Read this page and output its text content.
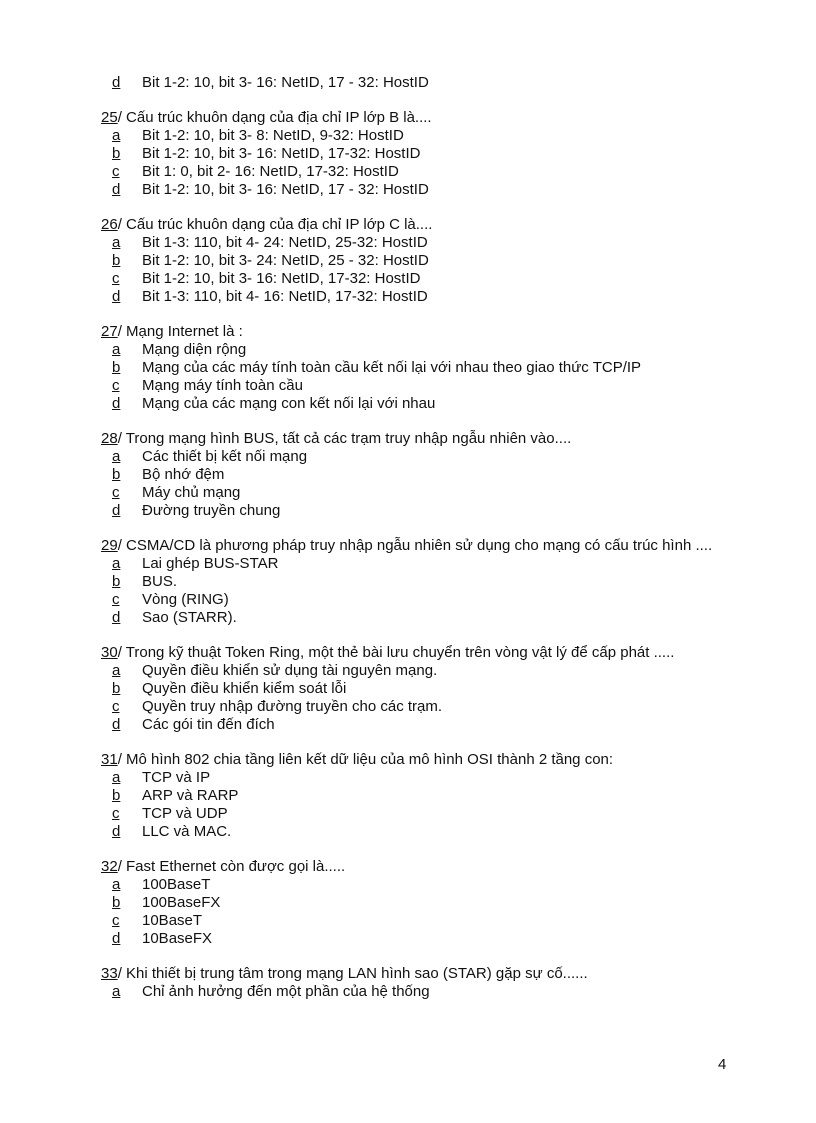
d	Bit 1-2: 10, bit 3- 16: NetID, 17 - 32: HostID
25/ Cấu trúc khuôn dạng của địa chỉ IP lớp B là....
a	Bit 1-2: 10, bit 3- 8: NetID, 9-32: HostID
b	Bit 1-2: 10, bit 3- 16: NetID, 17-32: HostID
c	Bit 1: 0, bit 2- 16: NetID, 17-32: HostID
d	Bit 1-2: 10, bit 3- 16: NetID, 17 - 32: HostID
26/ Cấu trúc khuôn dạng của địa chỉ IP lớp C là....
a	Bit 1-3: 110, bit 4- 24: NetID, 25-32: HostID
b	Bit 1-2: 10, bit 3- 24: NetID, 25 - 32: HostID
c	Bit 1-2: 10, bit 3- 16: NetID, 17-32: HostID
d	Bit 1-3: 110, bit 4- 16: NetID, 17-32: HostID
27/ Mạng Internet là :
a	Mạng diện rộng
b	Mạng của các máy tính toàn cầu kết nối lại với nhau theo giao thức TCP/IP
c	Mạng máy tính toàn cầu
d	Mạng của các mạng con kết nối lại với nhau
28/ Trong mạng hình BUS, tất cả các trạm truy nhập ngẫu nhiên vào....
a	Các thiết bị kết nối mạng
b	Bộ nhớ đệm
c	Máy chủ mạng
d	Đường truyền chung
29/ CSMA/CD là phương pháp truy nhập ngẫu nhiên sử dụng cho mạng có cấu trúc hình ....
a	Lai ghép BUS-STAR
b	BUS.
c	Vòng (RING)
d	Sao (STARR).
30/ Trong kỹ thuật Token Ring, một thẻ bài lưu chuyển trên vòng vật lý để cấp phát .....
a	Quyền điều khiển sử dụng tài nguyên mạng.
b	Quyền điều khiển kiểm soát lỗi
c	Quyền truy nhập đường truyền cho các trạm.
d	Các gói tin đến đích
31/ Mô hình 802 chia tầng liên kết dữ liệu của mô hình OSI thành 2 tầng con:
a	TCP và IP
b	ARP và RARP
c	TCP và UDP
d	LLC và MAC.
32/ Fast Ethernet còn được gọi là.....
a	100BaseT
b	100BaseFX
c	10BaseT
d	10BaseFX
33/ Khi thiết bị trung tâm trong mạng LAN hình sao (STAR) gặp sự cố......
a	Chỉ ảnh hưởng đến một phần của hệ thống
4
